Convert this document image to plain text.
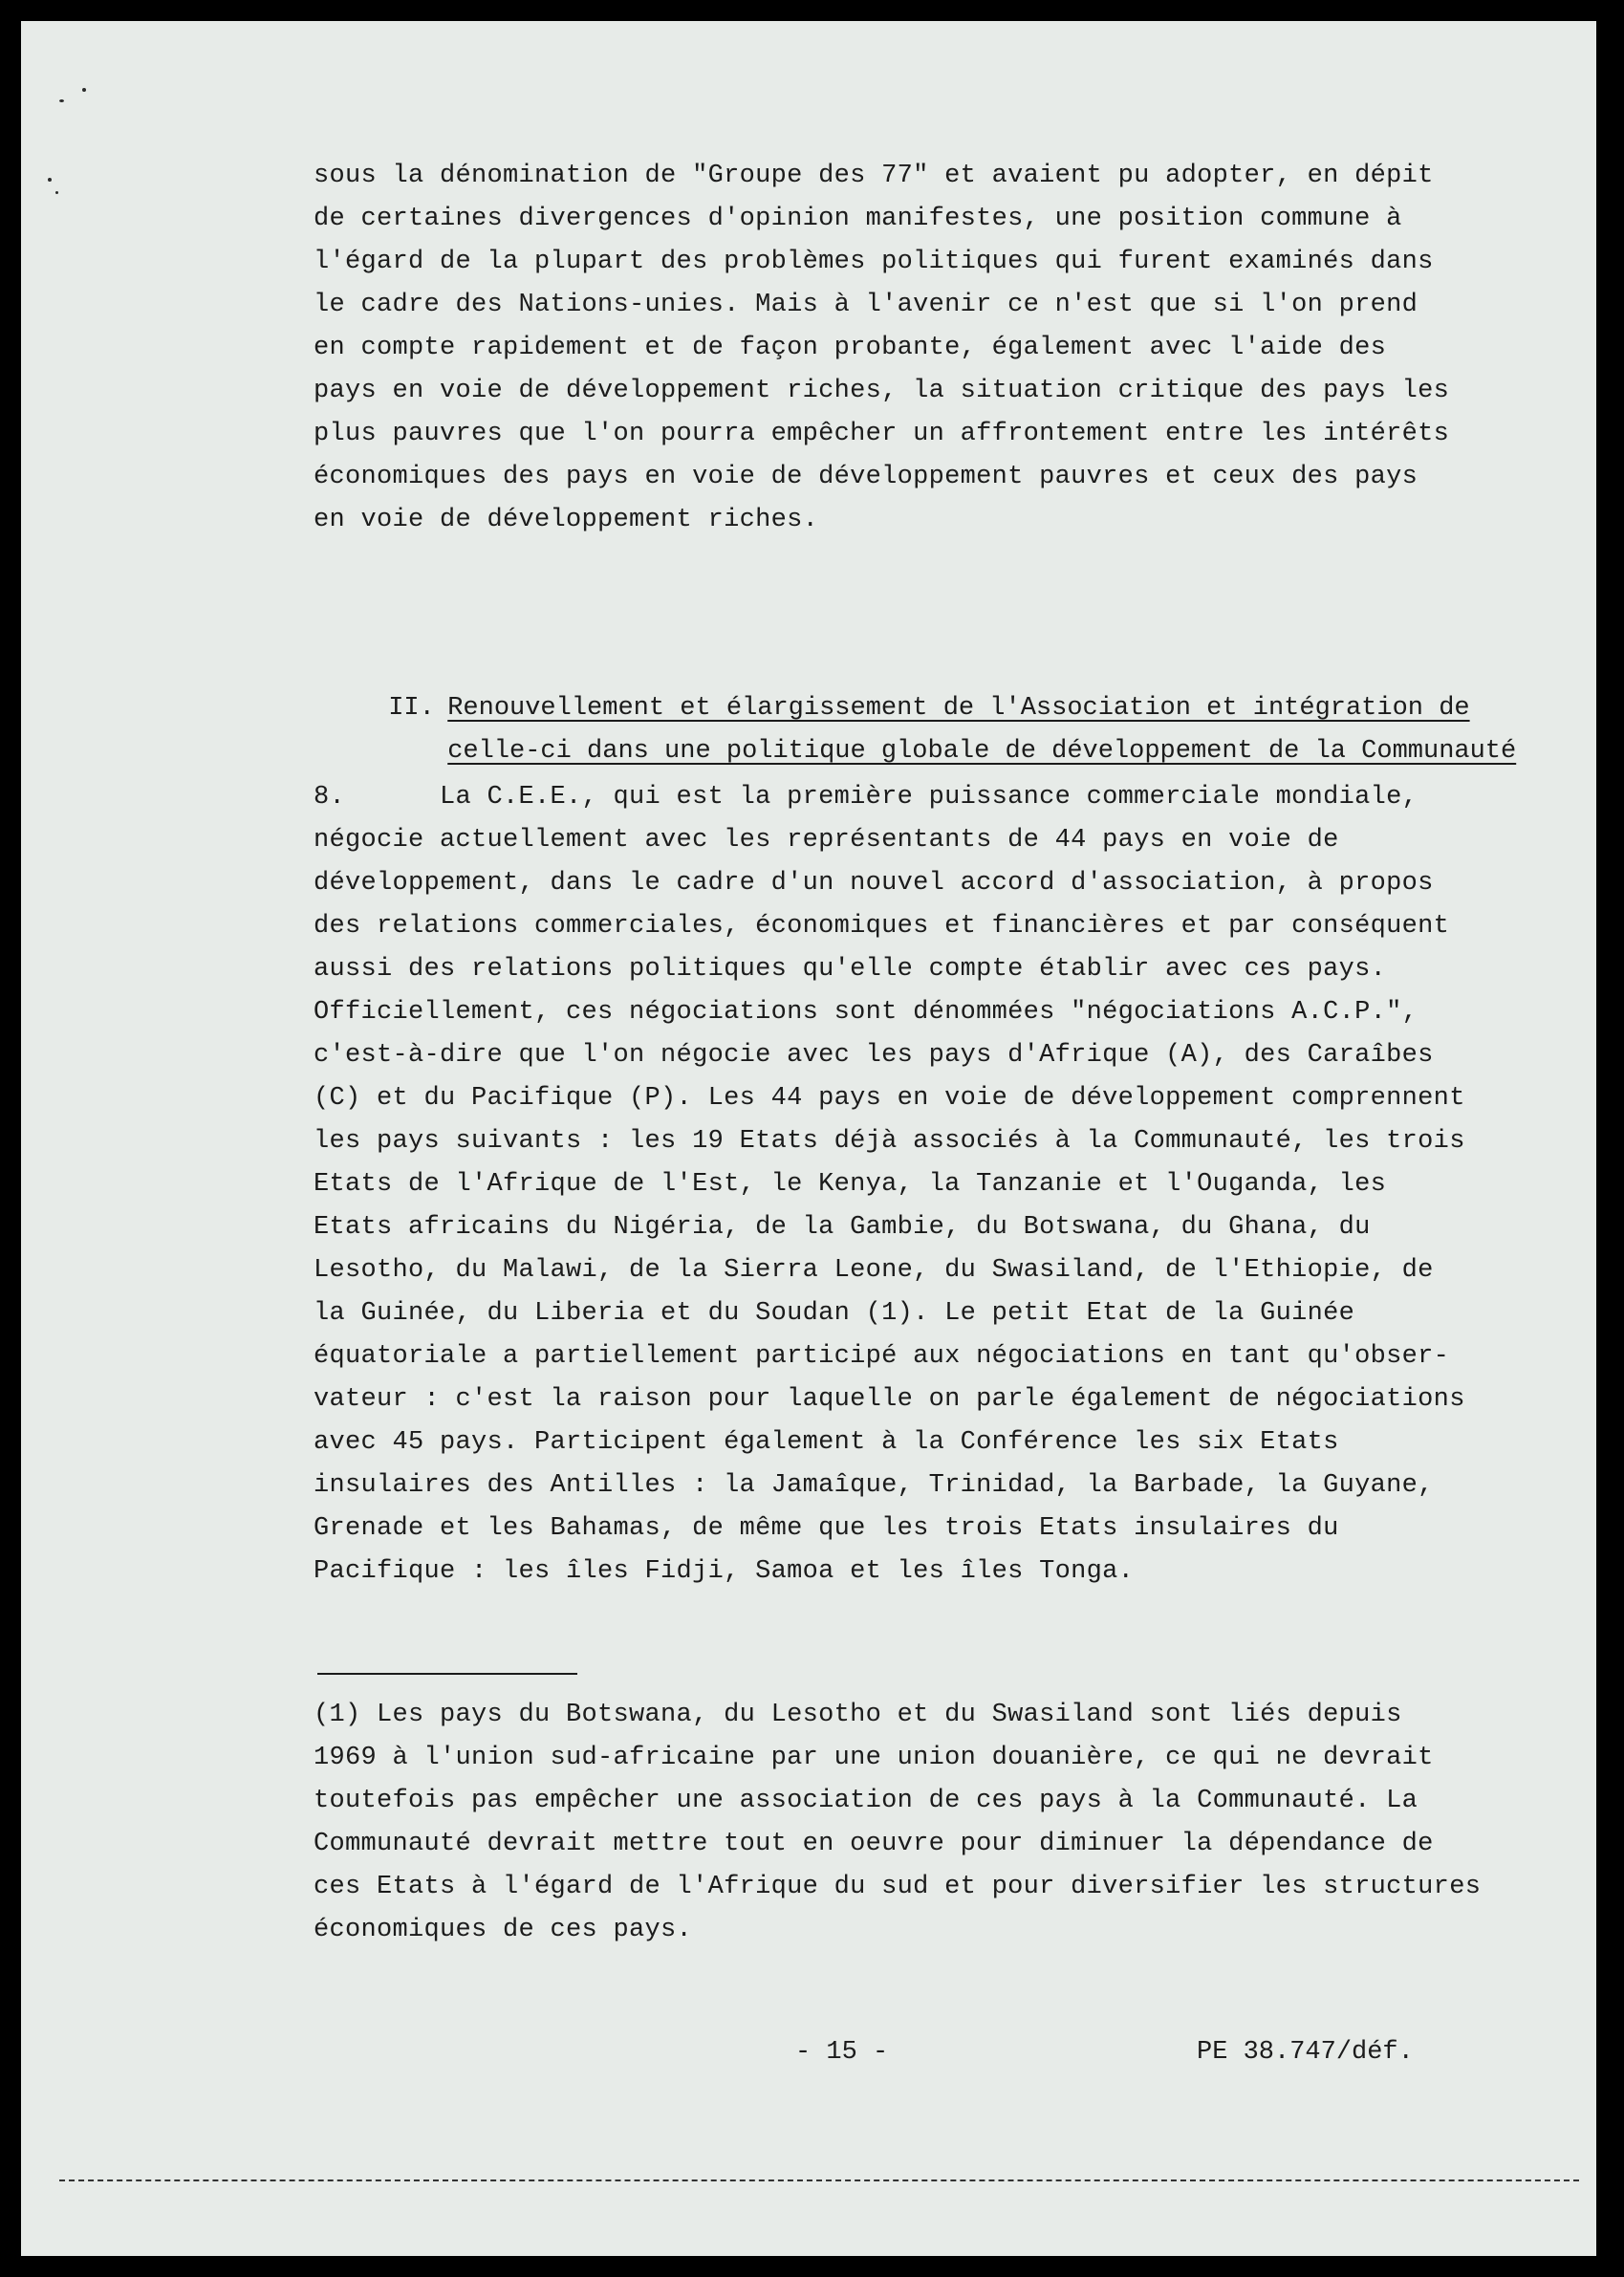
sous la dénomination de "Groupe des 77" et avaient pu adopter, en dépit
de certaines divergences d'opinion manifestes, une position commune à
l'égard de la plupart des problèmes politiques qui furent examinés dans
le cadre des Nations-unies. Mais à l'avenir ce n'est que si l'on prend
en compte rapidement et de façon probante, également avec l'aide des
pays en voie de développement riches, la situation critique des pays les
plus pauvres que l'on pourra empêcher un affrontement entre les intérêts
économiques des pays en voie de développement pauvres et ceux des pays
en voie de développement riches.

II. Renouvellement et élargissement de l'Association et intégration de

celle-ci dans une politique globale de développement de la Communauté

8.      La C.E.E., qui est la première puissance commerciale mondiale,
négocie actuellement avec les représentants de 44 pays en voie de
développement, dans le cadre d'un nouvel accord d'association, à propos
des relations commerciales, économiques et financières et par conséquent
aussi des relations politiques qu'elle compte établir avec ces pays.
Officiellement, ces négociations sont dénommées "négociations A.C.P.",
c'est-à-dire que l'on négocie avec les pays d'Afrique (A), des Caraîbes
(C) et du Pacifique (P). Les 44 pays en voie de développement comprennent
les pays suivants : les 19 Etats déjà associés à la Communauté, les trois
Etats de l'Afrique de l'Est, le Kenya, la Tanzanie et l'Ouganda, les
Etats africains du Nigéria, de la Gambie, du Botswana, du Ghana, du
Lesotho, du Malawi, de la Sierra Leone, du Swasiland, de l'Ethiopie, de
la Guinée, du Liberia et du Soudan (1). Le petit Etat de la Guinée
équatoriale a partiellement participé aux négociations en tant qu'obser-
vateur : c'est la raison pour laquelle on parle également de négociations
avec 45 pays. Participent également à la Conférence les six Etats
insulaires des Antilles : la Jamaîque, Trinidad, la Barbade, la Guyane,
Grenade et les Bahamas, de même que les trois Etats insulaires du
Pacifique : les îles Fidji, Samoa et les îles Tonga.
(1) Les pays du Botswana, du Lesotho et du Swasiland sont liés depuis
1969 à l'union sud-africaine par une union douanière, ce qui ne devrait
toutefois pas empêcher une association de ces pays à la Communauté. La
Communauté devrait mettre tout en oeuvre pour diminuer la dépendance de
ces Etats à l'égard de l'Afrique du sud et pour diversifier les structures
économiques de ces pays.
- 15 -	PE 38.747/déf.
